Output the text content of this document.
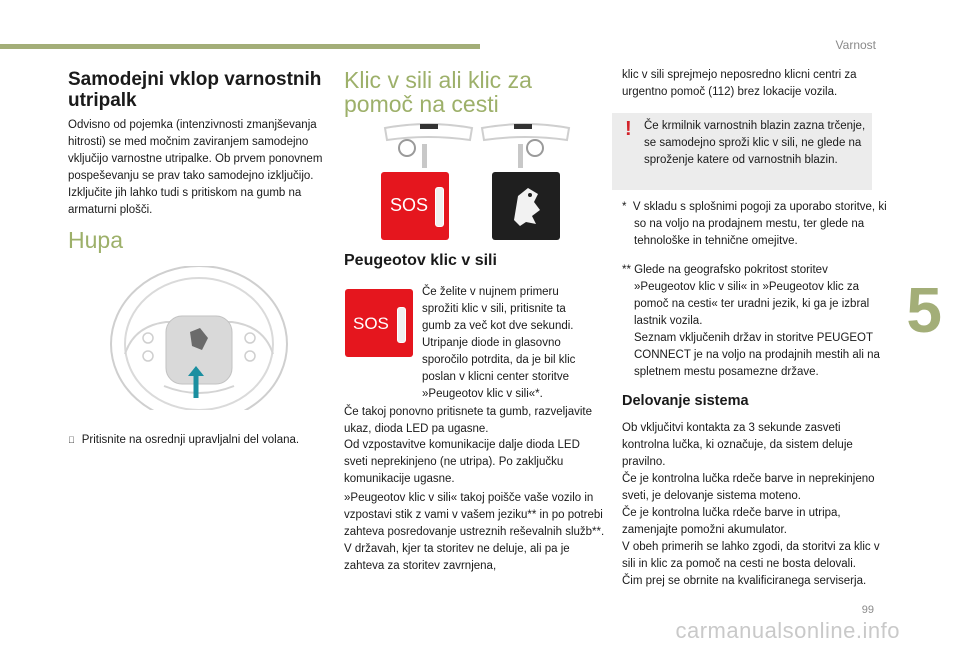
Varnost
5
Samodejni vklop varnostnih utripalk

Odvisno od pojemka (intenzivnosti zmanjševanja hitrosti) se med močnim zaviranjem samodejno vključijo varnostne utripalke. Ob prvem ponovnem pospeševanju se prav tako samodejno izključijo. Izključite jih lahko tudi s pritiskom na gumb na armaturni plošči.

Hupa

Pritisnite na osrednji upravljalni del volana.

Klic v sili ali klic za pomoč na cesti
SOS
Peugeotov klic v sili
SOS

Če želite v nujnem primeru sprožiti klic v sili, pritisnite ta gumb za več kot dve sekundi. Utripanje diode in glasovno sporočilo potrdita, da je bil klic poslan v klicni center storitve »Peugeotov klic v sili«*.

Če takoj ponovno pritisnete ta gumb, razveljavite ukaz, dioda LED pa ugasne.

Od vzpostavitve komunikacije dalje dioda LED sveti neprekinjeno (ne utripa). Po zaključku komunikacije ugasne.

»Peugeotov klic v sili« takoj poišče vaše vozilo in vzpostavi stik z vami v vašem jeziku** in po potrebi zahteva posredovanje ustreznih reševalnih služb**. V državah, kjer ta storitev ne deluje, ali pa je zahteva za storitev zavrnjena,

klic v sili sprejmejo neposredno klicni centri za urgentno pomoč (112) brez lokacije vozila.

! Če krmilnik varnostnih blazin zazna trčenje, se samodejno sproži klic v sili, ne glede na sproženje katere od varnostnih blazin.

*  V skladu s splošnimi pogoji za uporabo storitve, ki so na voljo na prodajnem mestu, ter glede na tehnološke in tehnične omejitve.

** Glede na geografsko pokritost storitev »Peugeotov klic v sili« in »Peugeotov klic za pomoč na cesti« ter uradni jezik, ki ga je izbral lastnik vozila.

Seznam vključenih držav in storitve PEUGEOT CONNECT je na voljo na prodajnih mestih ali na spletnem mestu posamezne države.

Delovanje sistema

Ob vključitvi kontakta za 3 sekunde zasveti kontrolna lučka, ki označuje, da sistem deluje pravilno.
Če je kontrolna lučka rdeče barve in neprekinjeno sveti, je delovanje sistema moteno.
Če je kontrolna lučka rdeče barve in utripa, zamenjajte pomožni akumulator.
V obeh primerih se lahko zgodi, da storitvi za klic v sili in klic za pomoč na cesti ne bosta delovali.
Čim prej se obrnite na kvalificiranega serviserja.

99
carmanualsonline.info
